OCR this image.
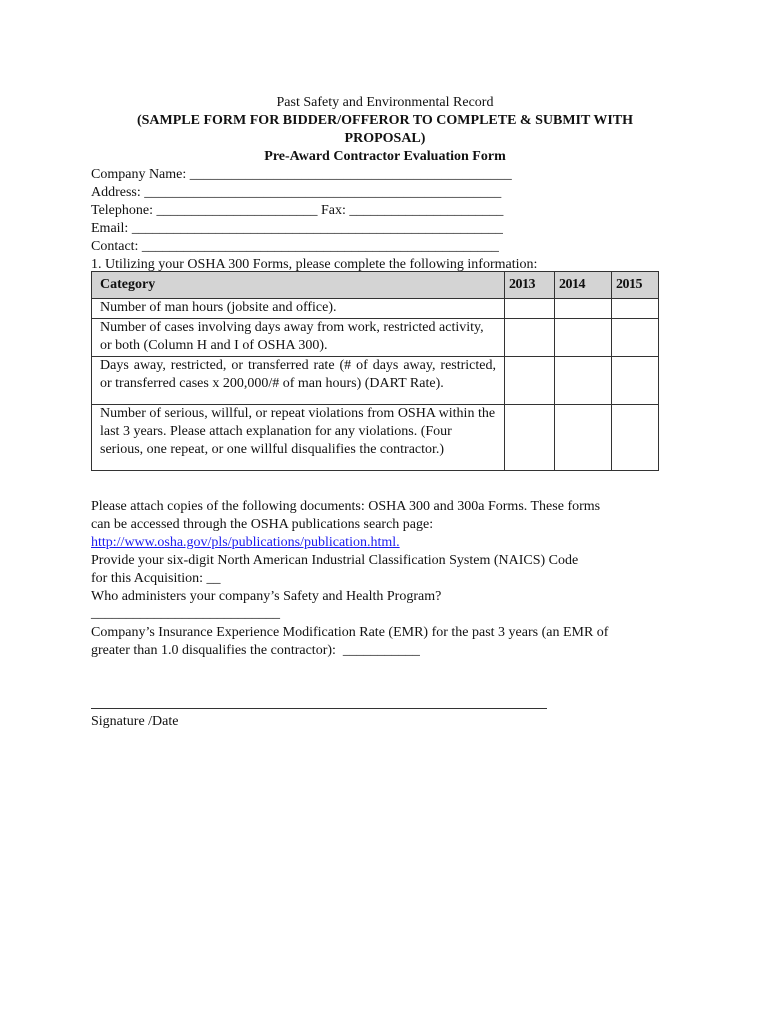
Past Safety and Environmental Record
(SAMPLE FORM FOR BIDDER/OFFEROR TO COMPLETE & SUBMIT WITH
PROPOSAL)
Pre-Award Contractor Evaluation Form
Company Name: ______________________________________________
Address: ___________________________________________________
Telephone: _______________________ Fax: ______________________
Email: _____________________________________________________
Contact: ___________________________________________________
1. Utilizing your OSHA 300 Forms, please complete the following information:
Category	2013	2014	2015
Number of man hours (jobsite and office).			
Number of cases involving days away from work, restricted activity, or both (Column H and I of OSHA 300).			
Days away, restricted, or transferred rate (# of days away, restricted, or transferred cases x 200,000/# of man hours) (DART Rate).			
Number of serious, willful, or repeat violations from OSHA within the last 3 years. Please attach explanation for any violations. (Four serious, one repeat, or one willful disqualifies the contractor.)			
Please attach copies of the following documents: OSHA 300 and 300a Forms. These forms
can be accessed through the OSHA publications search page:
http://www.osha.gov/pls/publications/publication.html.
Provide your six-digit North American Industrial Classification System (NAICS) Code
for this Acquisition: __
Who administers your company’s Safety and Health Program?
___________________________
Company’s Insurance Experience Modification Rate (EMR) for the past 3 years (an EMR of
greater than 1.0 disqualifies the contractor):  ___________
Signature /Date
